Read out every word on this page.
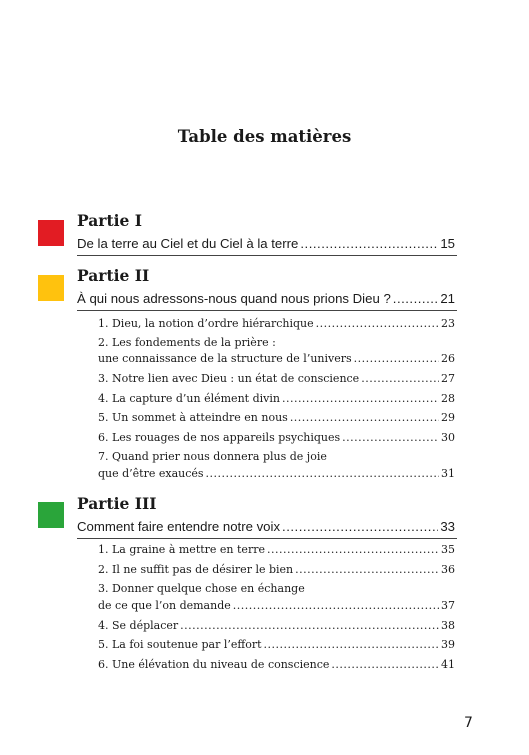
Table des matières
Partie I
De la terre au Ciel et du Ciel à la terre .....	15
Partie II
À qui nous adressons-nous quand nous prions Dieu ? .....	21
1. Dieu, la notion d’ordre hiérarchique .....	23
2. Les fondements de la prière :
une connaissance de la structure de l’univers .....	26
3. Notre lien avec Dieu : un état de conscience .....	27
4. La capture d’un élément divin .....	28
5. Un sommet à atteindre en nous .....	29
6. Les rouages de nos appareils psychiques .....	30
7. Quand prier nous donnera plus de joie
que d’être exaucés .....	31
Partie III
Comment faire entendre notre voix .....	33
1. La graine à mettre en terre .....	35
2. Il ne suffit pas de désirer le bien .....	36
3. Donner quelque chose en échange
de ce que l’on demande .....	37
4. Se déplacer .....	38
5. La foi soutenue par l’effort .....	39
6. Une élévation du niveau de conscience .....	41
7
